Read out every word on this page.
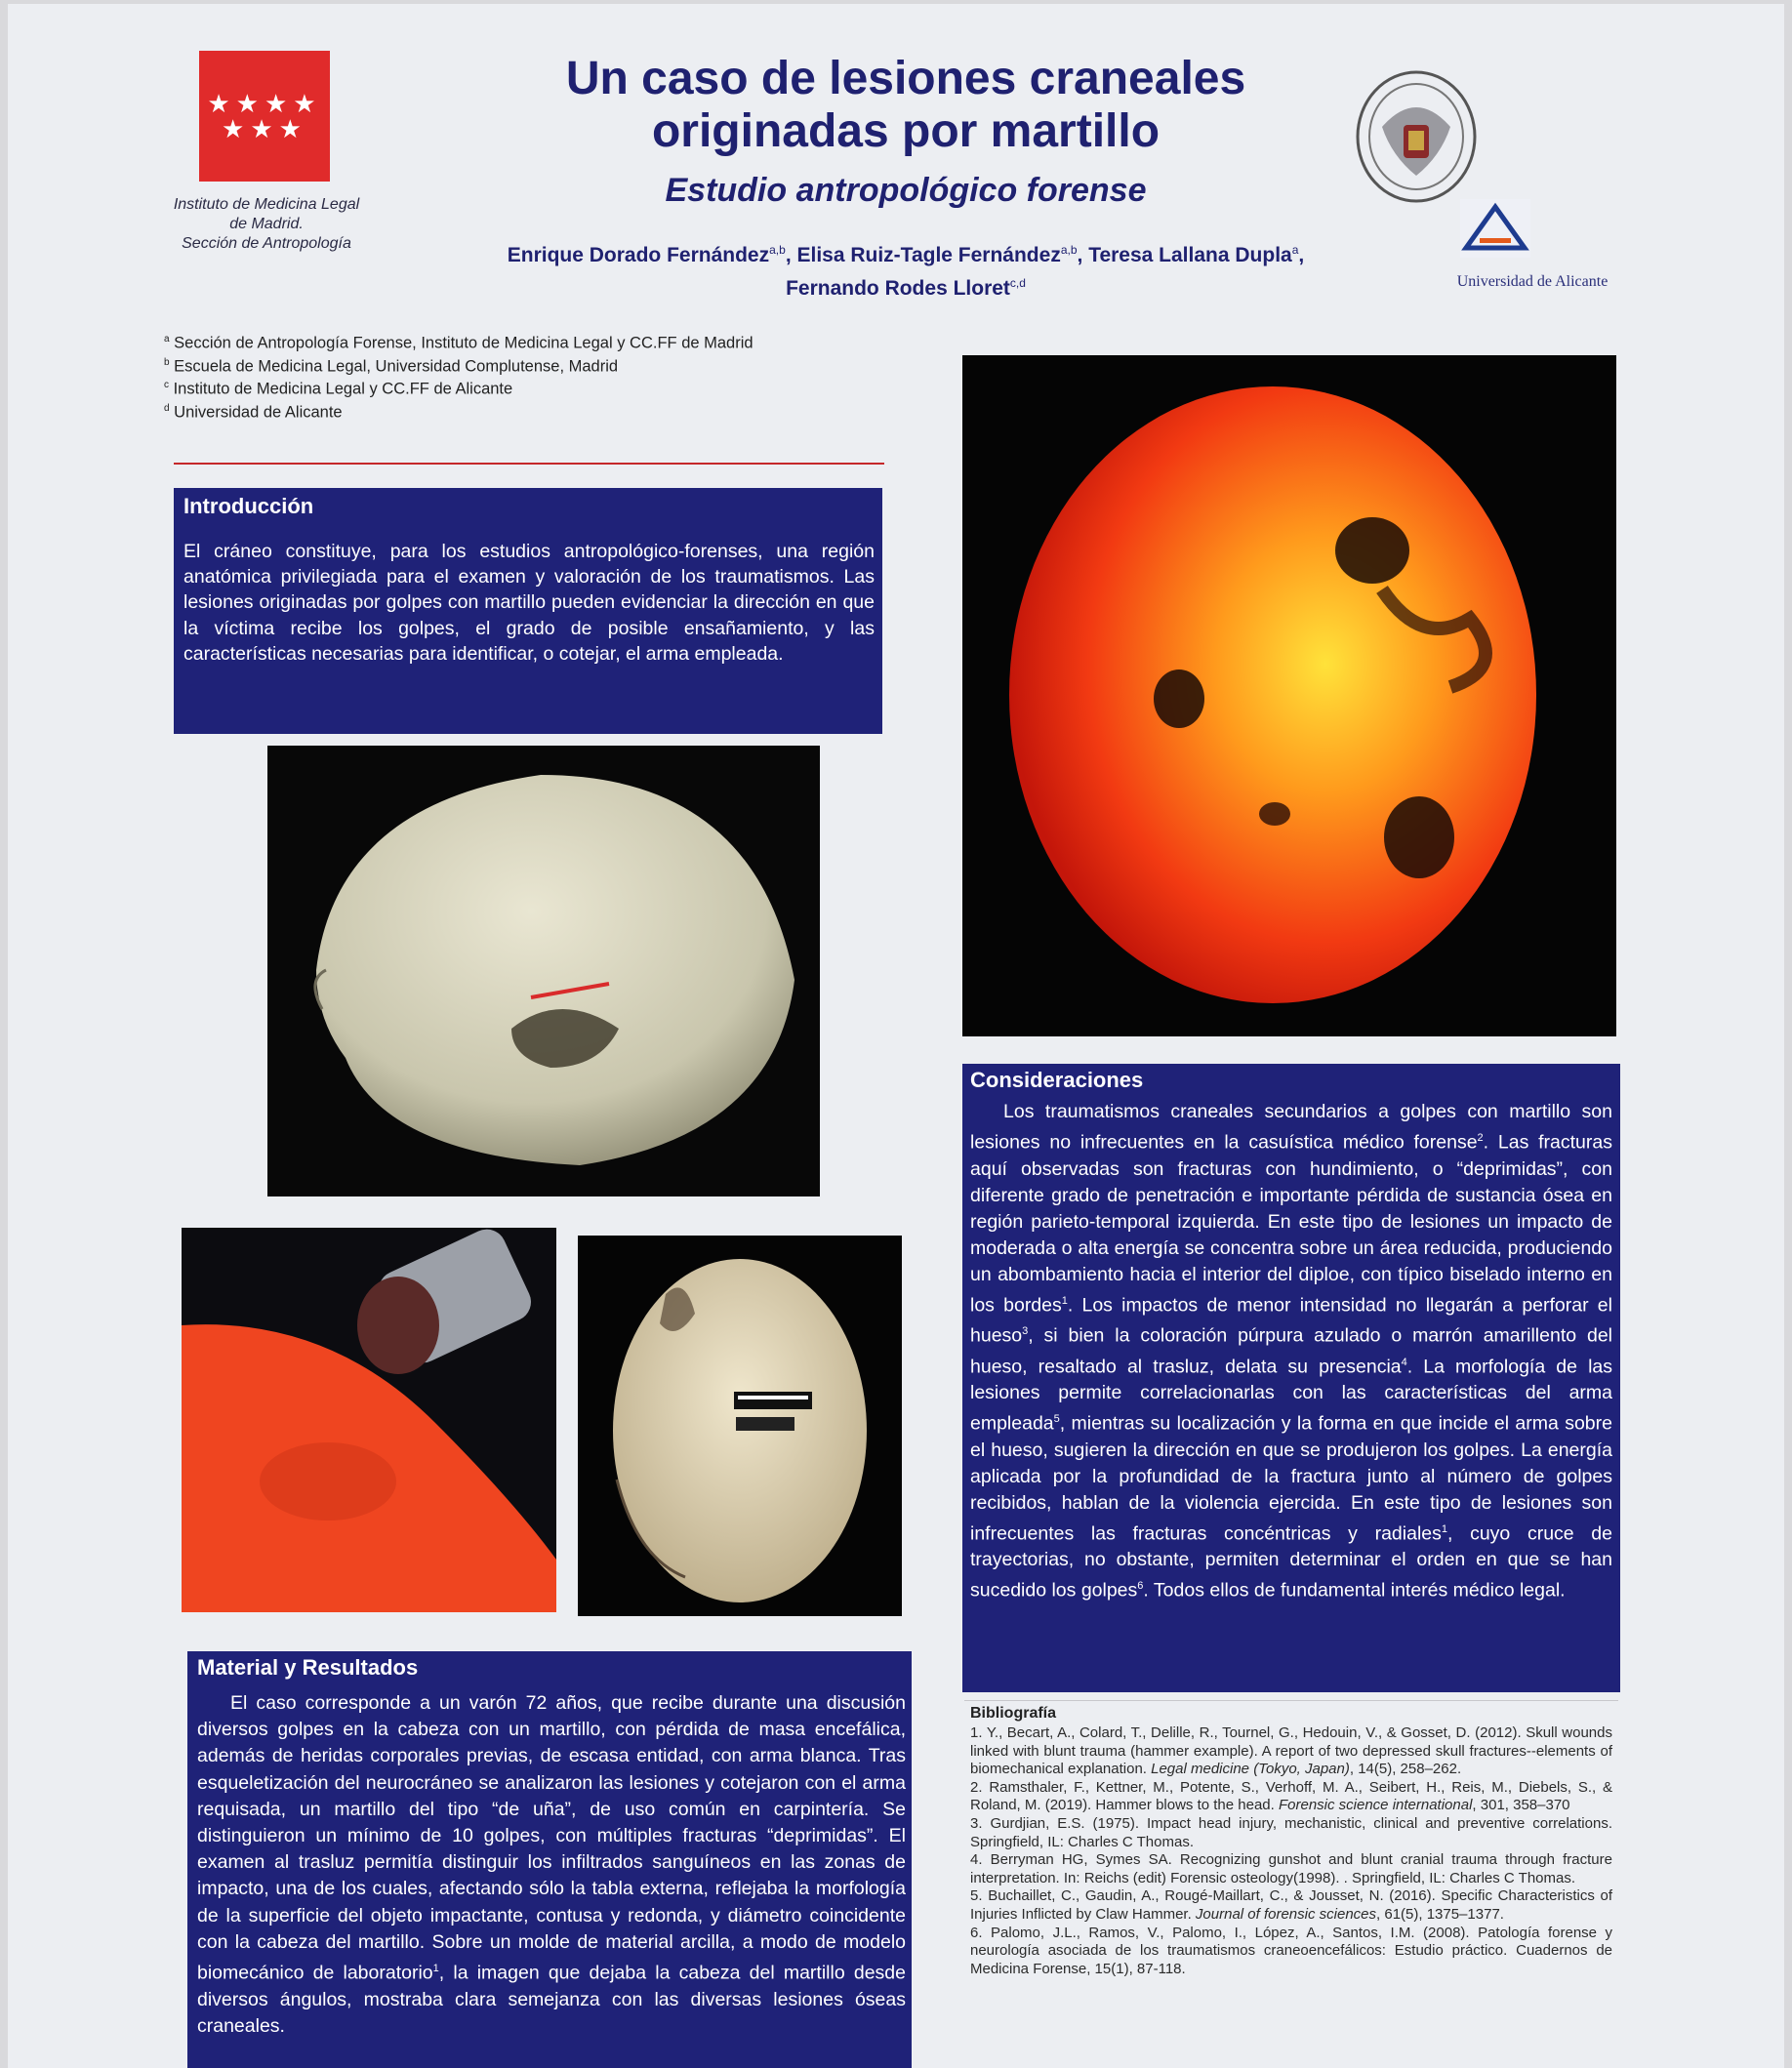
★★★★
★★★
Instituto de Medicina Legal
de Madrid.
Sección de Antropología
Un caso de lesiones craneales
originadas por martillo
Estudio antropológico forense
Enrique Dorado Fernández$^{a,b}$, Elisa Ruiz-Tagle Fernández$^{a,b}$, Teresa Lallana Dupla$^a$,
Fernando Rodes Lloret$^{c,d}$	Universidad de Alicante
$^a$ Sección de Antropología Forense, Instituto de Medicina Legal y CC.FF de Madrid
$^b$ Escuela de Medicina Legal, Universidad Complutense, Madrid
$^c$ Instituto de Medicina Legal y CC.FF de Alicante
$^d$ Universidad de Alicante
Introducción

El cráneo constituye, para los estudios antropológico-forenses, una región anatómica privilegiada para el examen y valoración de los traumatismos. Las lesiones originadas por golpes con martillo pueden evidenciar la dirección en que la víctima recibe los golpes, el grado de posible ensañamiento, y las características necesarias para identificar, o cotejar, el arma empleada.

Consideraciones

Los traumatismos craneales secundarios a golpes con martillo son lesiones no infrecuentes en la casuística médico forense$^2$. Las fracturas aquí observadas son fracturas con hundimiento, o “deprimidas”, con diferente grado de penetración e importante pérdida de sustancia ósea en región parieto-temporal izquierda. En este tipo de lesiones un impacto de moderada o alta energía se concentra sobre un área reducida, produciendo un abombamiento hacia el interior del diploe, con típico biselado interno en los bordes$^1$. Los impactos de menor intensidad no llegarán a perforar el hueso$^3$, si bien la coloración púrpura azulado o marrón amarillento del hueso, resaltado al trasluz, delata su presencia$^4$. La morfología de las lesiones permite correlacionarlas con las características del arma empleada$^5$, mientras su localización y la forma en que incide el arma sobre el hueso, sugieren la dirección en que se produjeron los golpes. La energía aplicada por la profundidad de la fractura junto al número de golpes recibidos, hablan de la violencia ejercida. En este tipo de lesiones son infrecuentes las fracturas concéntricas y radiales$^1$, cuyo cruce de trayectorias, no obstante, permiten determinar el orden en que se han sucedido los golpes$^6$. Todos ellos de fundamental interés médico legal.

Material y Resultados

El caso corresponde a un varón 72 años, que recibe durante una discusión diversos golpes en la cabeza con un martillo, con pérdida de masa encefálica, además de heridas corporales previas, de escasa entidad, con arma blanca. Tras esqueletización del neurocráneo se analizaron las lesiones y cotejaron con el arma requisada, un martillo del tipo “de uña”, de uso común en carpintería. Se distinguieron un mínimo de 10 golpes, con múltiples fracturas “deprimidas”. El examen al trasluz permitía distinguir los infiltrados sanguíneos en las zonas de impacto, una de los cuales, afectando sólo la tabla externa, reflejaba la morfología de la superficie del objeto impactante, contusa y redonda, y diámetro coincidente con la cabeza del martillo. Sobre un molde de material arcilla, a modo de modelo biomecánico de laboratorio$^1$, la imagen que dejaba la cabeza del martillo desde diversos ángulos, mostraba clara semejanza con las diversas lesiones óseas craneales.

Bibliografía
1. Y., Becart, A., Colard, T., Delille, R., Tournel, G., Hedouin, V., & Gosset, D. (2012). Skull wounds linked with blunt trauma (hammer example). A report of two depressed skull fractures--elements of biomechanical explanation. Legal medicine (Tokyo, Japan), 14(5), 258–262.
2. Ramsthaler, F., Kettner, M., Potente, S., Verhoff, M. A., Seibert, H., Reis, M., Diebels, S., & Roland, M. (2019). Hammer blows to the head. Forensic science international, 301, 358–370
3. Gurdjian, E.S. (1975). Impact head injury, mechanistic, clinical and preventive correlations. Springfield, IL: Charles C Thomas.
4. Berryman HG, Symes SA. Recognizing gunshot and blunt cranial trauma through fracture interpretation. In: Reichs (edit) Forensic osteology(1998). . Springfield, IL: Charles C Thomas.
5. Buchaillet, C., Gaudin, A., Rougé-Maillart, C., & Jousset, N. (2016). Specific Characteristics of Injuries Inflicted by Claw Hammer. Journal of forensic sciences, 61(5), 1375–1377.
6. Palomo, J.L., Ramos, V., Palomo, I., López, A., Santos, I.M. (2008). Patología forense y neurología asociada de los traumatismos craneoencefálicos: Estudio práctico. Cuadernos de Medicina Forense, 15(1), 87-118.
